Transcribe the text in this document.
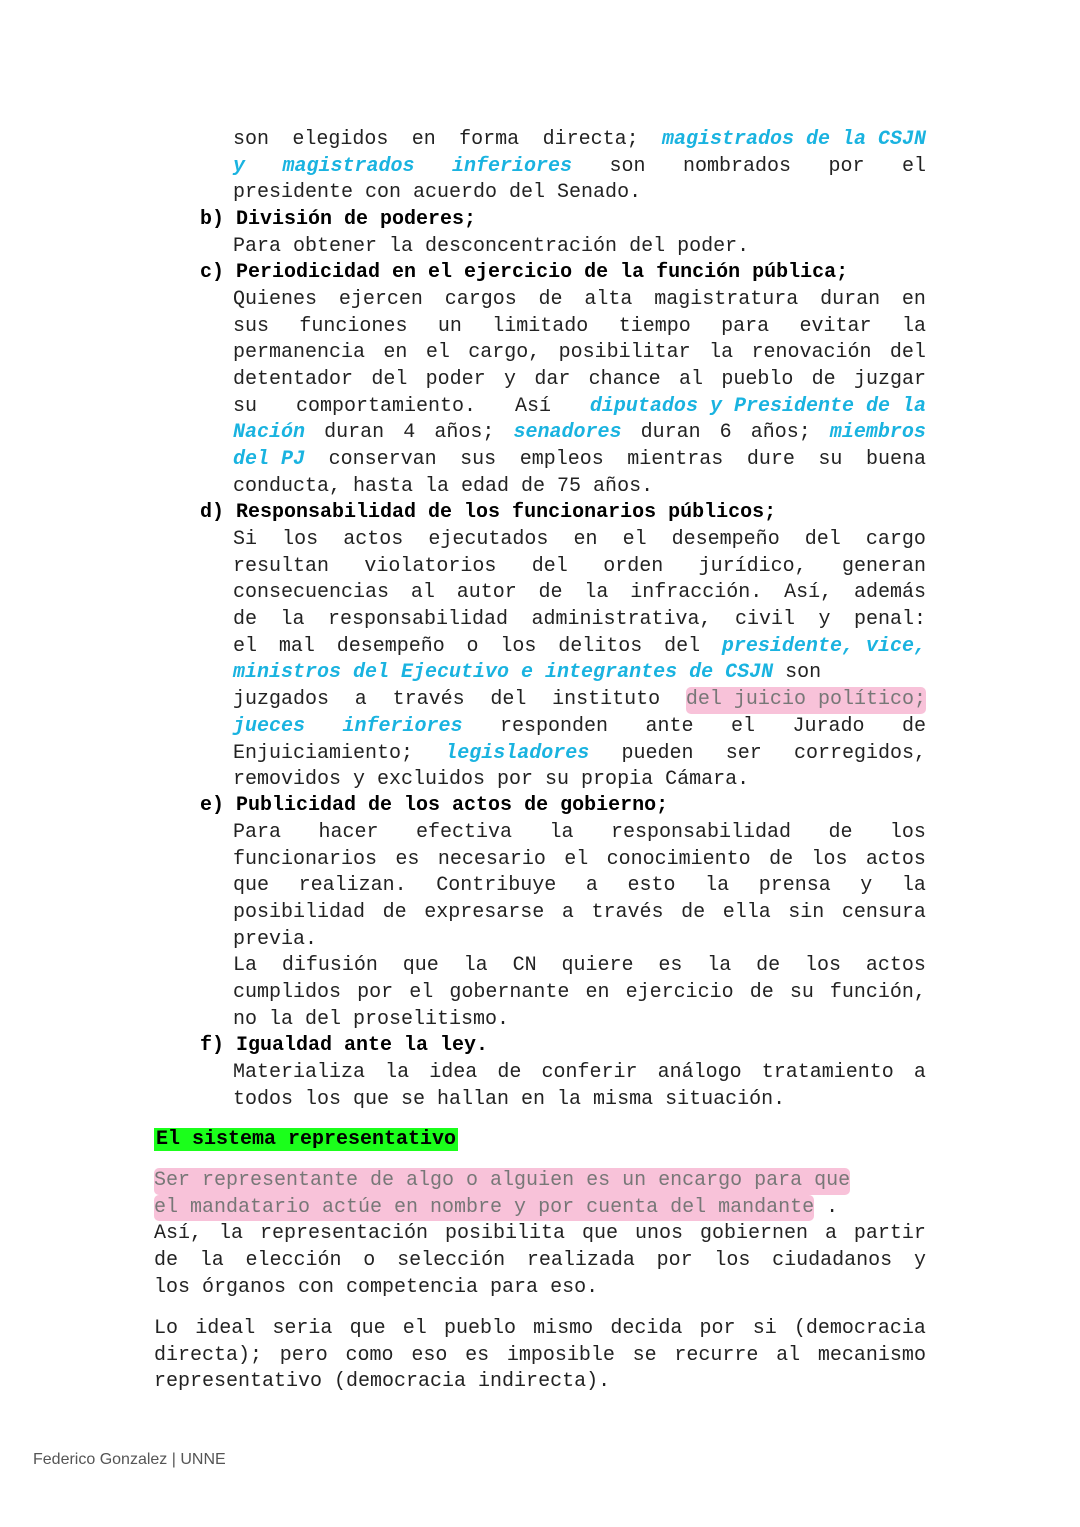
son elegidos en forma directa; magistrados de la CSJN
y magistrados inferiores son nombrados por el
presidente con acuerdo del Senado.
b) División de poderes;
Para obtener la desconcentración del poder.
c) Periodicidad en el ejercicio de la función pública;
Quienes ejercen cargos de alta magistratura duran en
sus funciones un limitado tiempo para evitar la
permanencia en el cargo, posibilitar la renovación del
detentador del poder y dar chance al pueblo de juzgar
su comportamiento. Así diputados y Presidente de la
Nación duran 4 años; senadores duran 6 años; miembros
del PJ conservan sus empleos mientras dure su buena
conducta, hasta la edad de 75 años.
d) Responsabilidad de los funcionarios públicos;
Si los actos ejecutados en el desempeño del cargo
resultan violatorios del orden jurídico, generan
consecuencias al autor de la infracción. Así, además
de la responsabilidad administrativa, civil y penal:
el mal desempeño o los delitos del presidente, vice,
ministros del Ejecutivo e integrantes de CSJN son
juzgados a través del instituto del juicio político;
jueces inferiores responden ante el Jurado de
Enjuiciamiento; legisladores pueden ser corregidos,
removidos y excluidos por su propia Cámara.
e) Publicidad de los actos de gobierno;
Para hacer efectiva la responsabilidad de los
funcionarios es necesario el conocimiento de los actos
que realizan. Contribuye a esto la prensa y la
posibilidad de expresarse a través de ella sin censura
previa.
La difusión que la CN quiere es la de los actos
cumplidos por el gobernante en ejercicio de su función,
no la del proselitismo.
f) Igualdad ante la ley.
Materializa la idea de conferir análogo tratamiento a
todos los que se hallan en la misma situación.
El sistema representativo
Ser representante de algo o alguien es un encargo para que
el mandatario actúe en nombre y por cuenta del mandante .
Así, la representación posibilita que unos gobiernen a partir
de la elección o selección realizada por los ciudadanos y
los órganos con competencia para eso.
Lo ideal seria que el pueblo mismo decida por si (democracia
directa); pero como eso es imposible se recurre al mecanismo
representativo (democracia indirecta).
Federico Gonzalez | UNNE
